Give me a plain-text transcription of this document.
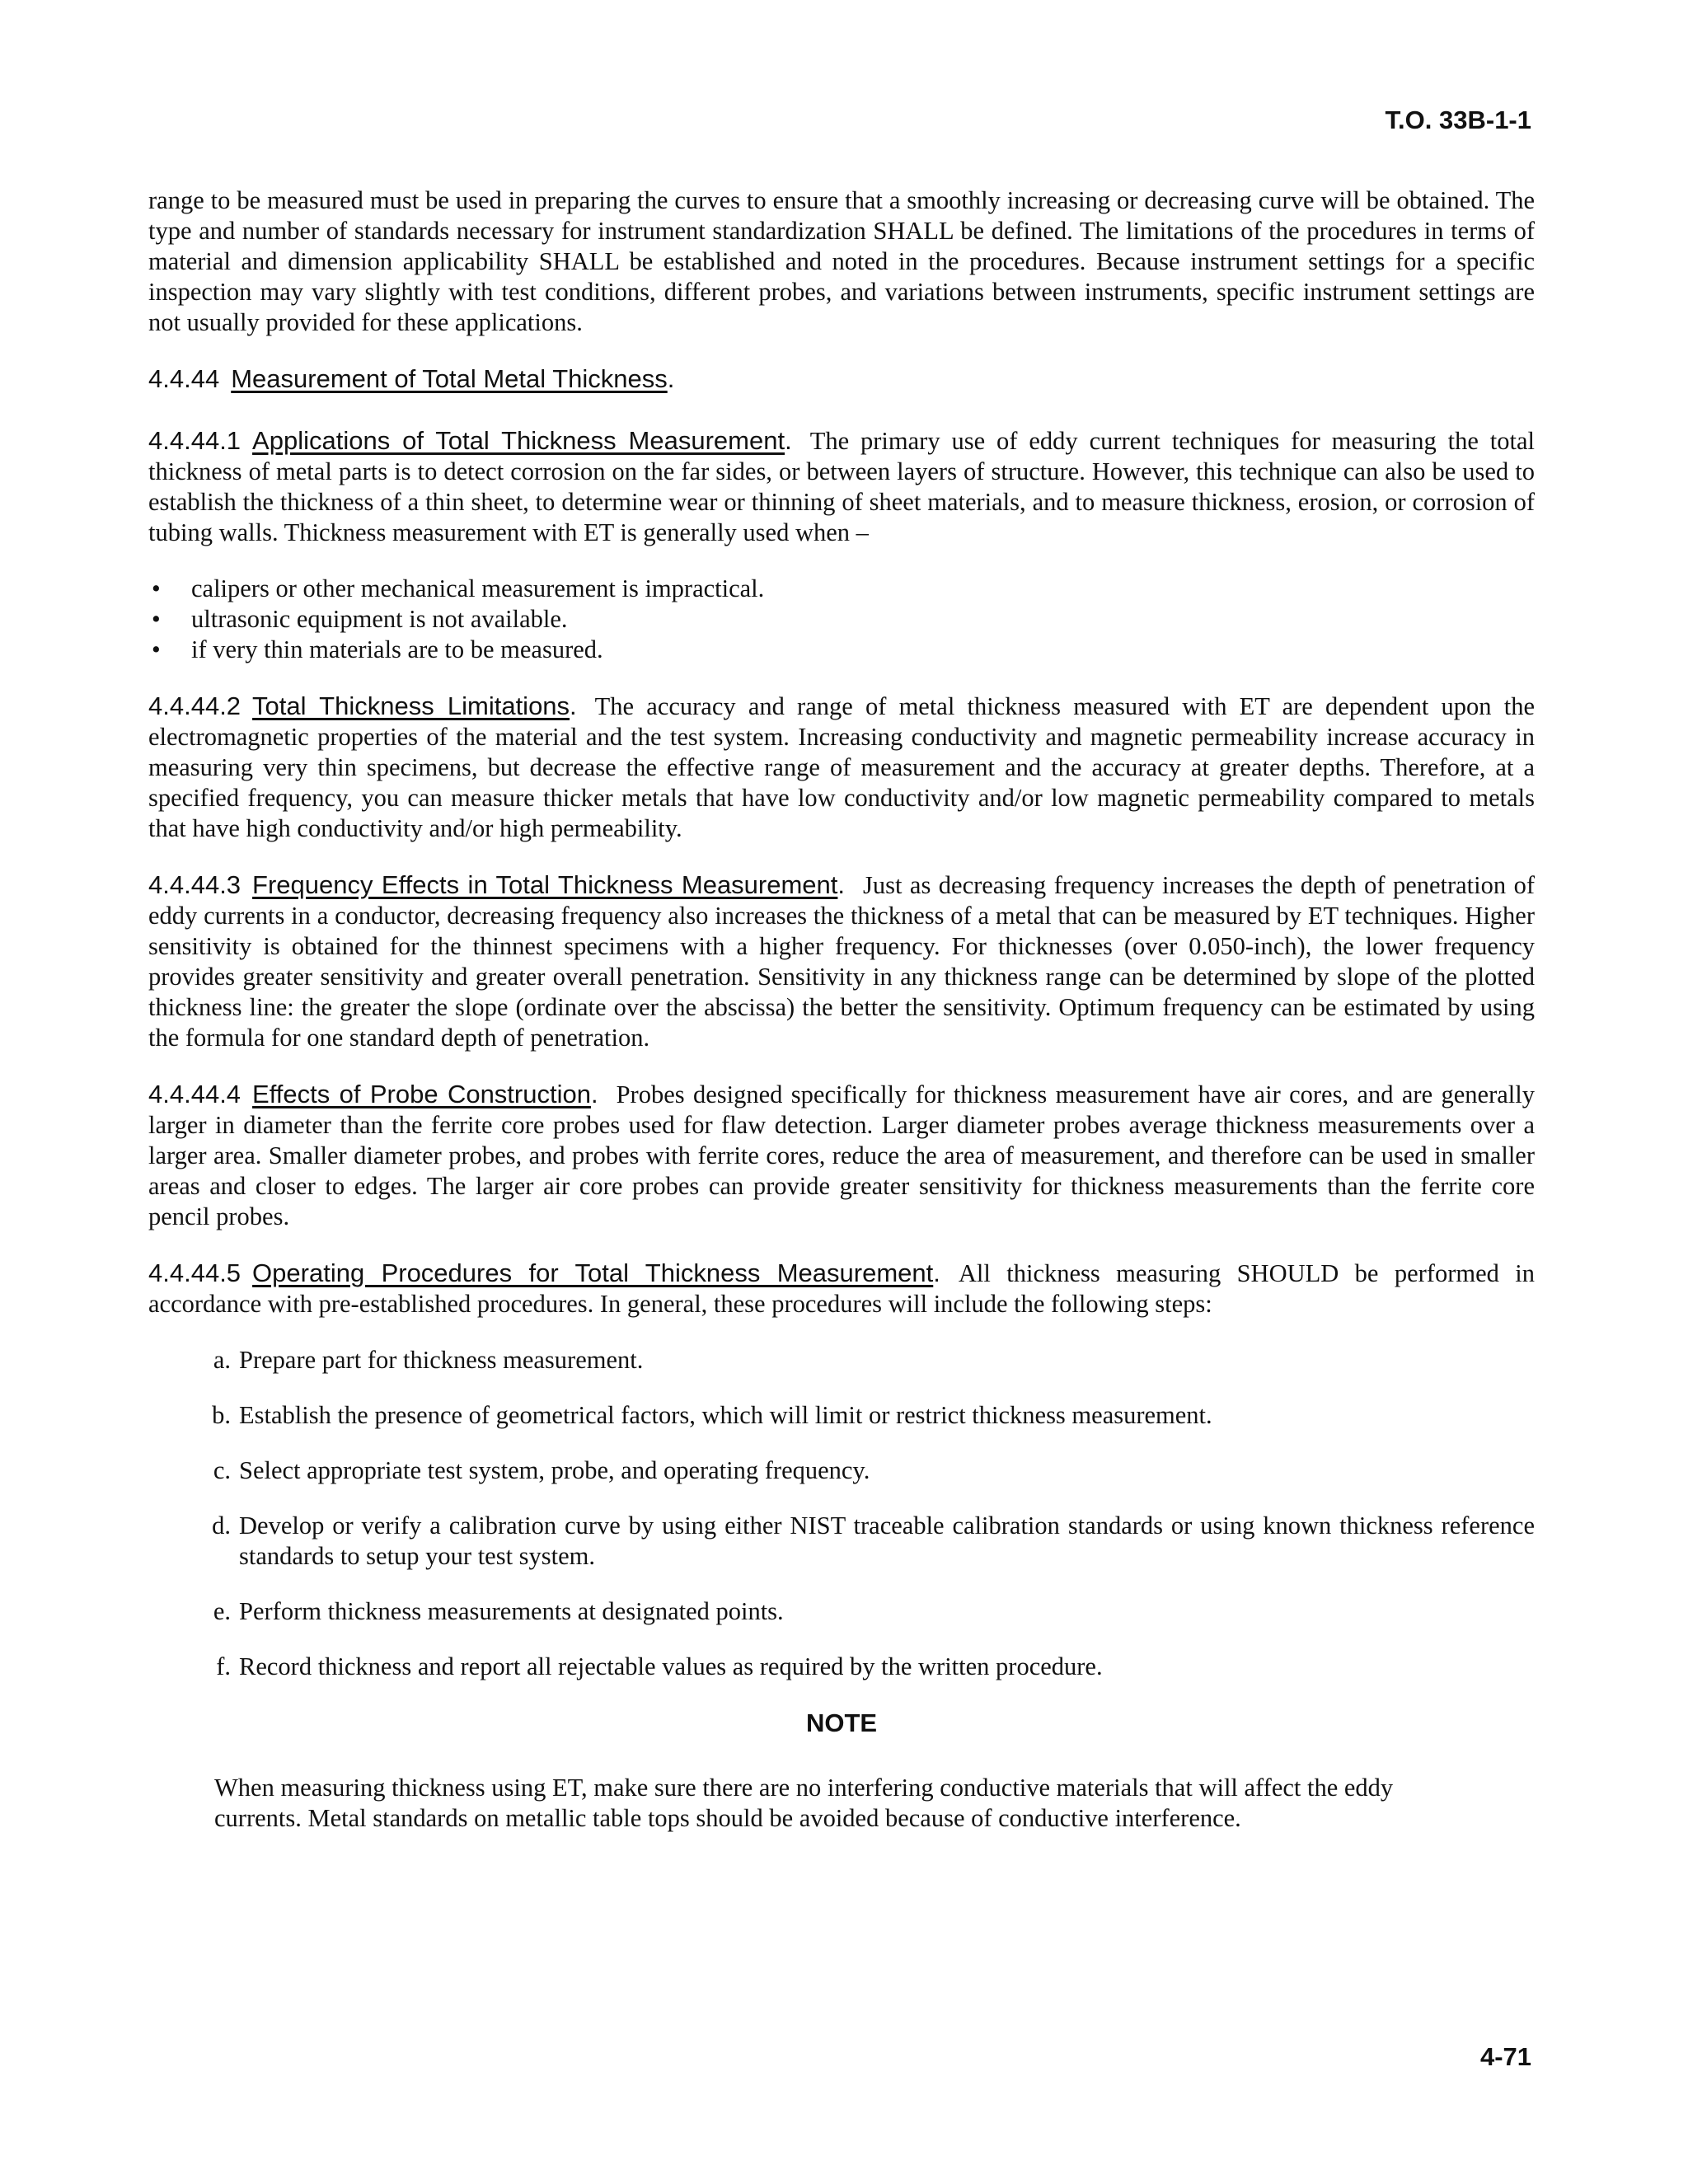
T.O. 33B-1-1

range to be measured must be used in preparing the curves to ensure that a smoothly increasing or decreasing curve will be obtained. The type and number of standards necessary for instrument standardization SHALL be defined. The limitations of the procedures in terms of material and dimension applicability SHALL be established and noted in the procedures. Because instrument settings for a specific inspection may vary slightly with test conditions, different probes, and variations between instruments, specific instrument settings are not usually provided for these applications.

4.4.44 Measurement of Total Metal Thickness.

4.4.44.1 Applications of Total Thickness Measurement. The primary use of eddy current techniques for measuring the total thickness of metal parts is to detect corrosion on the far sides, or between layers of structure. However, this technique can also be used to establish the thickness of a thin sheet, to determine wear or thinning of sheet materials, and to measure thickness, erosion, or corrosion of tubing walls. Thickness measurement with ET is generally used when –

• calipers or other mechanical measurement is impractical.
• ultrasonic equipment is not available.
• if very thin materials are to be measured.

4.4.44.2 Total Thickness Limitations. The accuracy and range of metal thickness measured with ET are dependent upon the electromagnetic properties of the material and the test system. Increasing conductivity and magnetic permeability increase accuracy in measuring very thin specimens, but decrease the effective range of measurement and the accuracy at greater depths. Therefore, at a specified frequency, you can measure thicker metals that have low conductivity and/or low magnetic permeability compared to metals that have high conductivity and/or high permeability.

4.4.44.3 Frequency Effects in Total Thickness Measurement. Just as decreasing frequency increases the depth of penetration of eddy currents in a conductor, decreasing frequency also increases the thickness of a metal that can be measured by ET techniques. Higher sensitivity is obtained for the thinnest specimens with a higher frequency. For thicknesses (over 0.050-inch), the lower frequency provides greater sensitivity and greater overall penetration. Sensitivity in any thickness range can be determined by slope of the plotted thickness line: the greater the slope (ordinate over the abscissa) the better the sensitivity. Optimum frequency can be estimated by using the formula for one standard depth of penetration.

4.4.44.4 Effects of Probe Construction. Probes designed specifically for thickness measurement have air cores, and are generally larger in diameter than the ferrite core probes used for flaw detection. Larger diameter probes average thickness measurements over a larger area. Smaller diameter probes, and probes with ferrite cores, reduce the area of measurement, and therefore can be used in smaller areas and closer to edges. The larger air core probes can provide greater sensitivity for thickness measurements than the ferrite core pencil probes.

4.4.44.5 Operating Procedures for Total Thickness Measurement. All thickness measuring SHOULD be performed in accordance with pre-established procedures. In general, these procedures will include the following steps:

a. Prepare part for thickness measurement.
b. Establish the presence of geometrical factors, which will limit or restrict thickness measurement.
c. Select appropriate test system, probe, and operating frequency.
d. Develop or verify a calibration curve by using either NIST traceable calibration standards or using known thickness reference standards to setup your test system.
e. Perform thickness measurements at designated points.
f. Record thickness and report all rejectable values as required by the written procedure.
NOTE

When measuring thickness using ET, make sure there are no interfering conductive materials that will affect the eddy currents. Metal standards on metallic table tops should be avoided because of conductive interference.

4-71
